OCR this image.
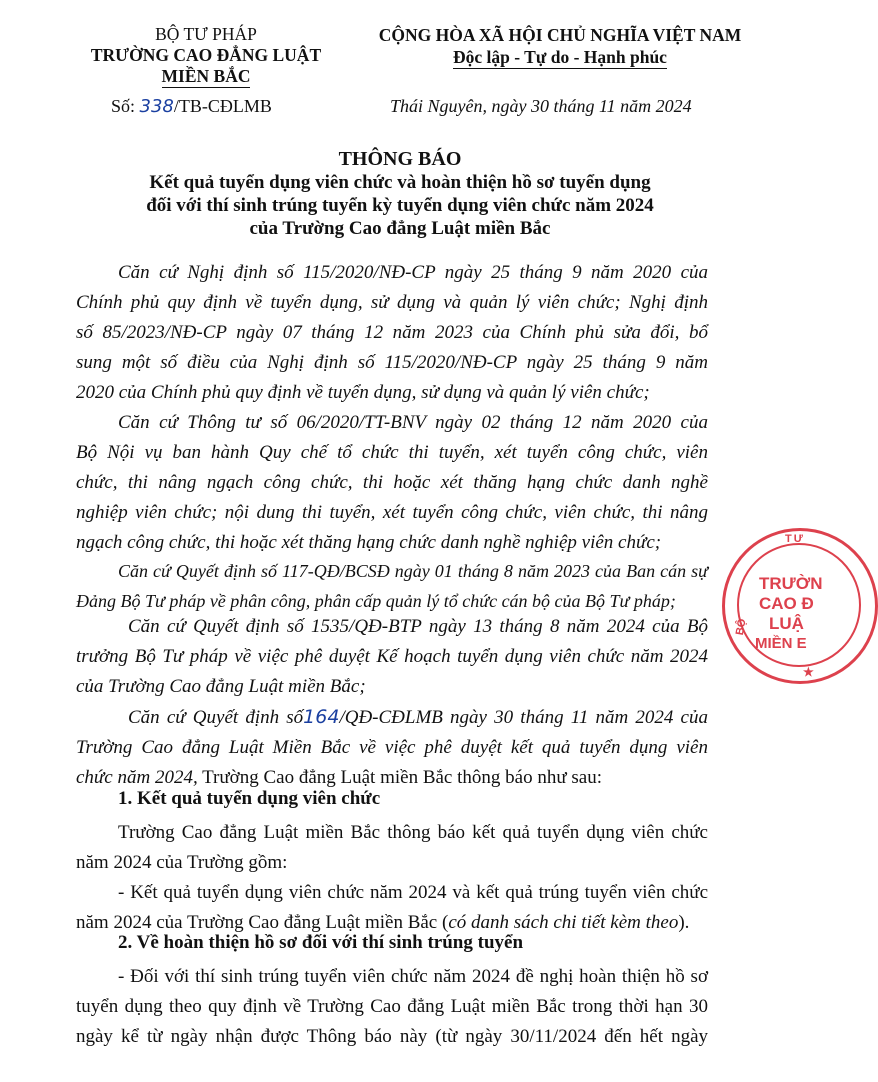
BỘ TƯ PHÁP
TRƯỜNG CAO ĐẲNG LUẬT
MIỀN BẮC
Số: 338/TB-CĐLMB
CỘNG HÒA XÃ HỘI CHỦ NGHĨA VIỆT NAM
Độc lập - Tự do - Hạnh phúc
Thái Nguyên, ngày 30 tháng 11 năm 2024
THÔNG BÁO
Kết quả tuyển dụng viên chức và hoàn thiện hồ sơ tuyển dụng
đối với thí sinh trúng tuyển kỳ tuyển dụng viên chức năm 2024
của Trường Cao đẳng Luật miền Bắc
Căn cứ Nghị định số 115/2020/NĐ-CP ngày 25 tháng 9 năm 2020 của
Chính phủ quy định về tuyển dụng, sử dụng và quản lý viên chức; Nghị định
số 85/2023/NĐ-CP ngày 07 tháng 12 năm 2023 của Chính phủ sửa đổi, bổ
sung một số điều của Nghị định số 115/2020/NĐ-CP ngày 25 tháng 9 năm
2020 của Chính phủ quy định về tuyển dụng, sử dụng và quản lý viên chức;
Căn cứ Thông tư số 06/2020/TT-BNV ngày 02 tháng 12 năm 2020 của
Bộ Nội vụ ban hành Quy chế tổ chức thi tuyển, xét tuyển công chức, viên
chức, thi nâng ngạch công chức, thi hoặc xét thăng hạng chức danh nghề
nghiệp viên chức; nội dung thi tuyển, xét tuyển công chức, viên chức, thi nâng
ngạch công chức, thi hoặc xét thăng hạng chức danh nghề nghiệp viên chức;
Căn cứ Quyết định số 117-QĐ/BCSĐ ngày 01 tháng 8 năm 2023 của Ban cán sự
Đảng Bộ Tư pháp về phân công, phân cấp quản lý tổ chức cán bộ của Bộ Tư pháp;
Căn cứ Quyết định số 1535/QĐ-BTP ngày 13 tháng 8 năm 2024 của Bộ
trưởng Bộ Tư pháp về việc phê duyệt Kế hoạch tuyển dụng viên chức năm 2024
của Trường Cao đẳng Luật miền Bắc;
Căn cứ Quyết định số164/QĐ-CĐLMB ngày 30 tháng 11 năm 2024 của
Trường Cao đẳng Luật Miền Bắc về việc phê duyệt kết quả tuyển dụng viên
chức năm 2024, Trường Cao đẳng Luật miền Bắc thông báo như sau:
1. Kết quả tuyển dụng viên chức
Trường Cao đẳng Luật miền Bắc thông báo kết quả tuyển dụng viên chức
năm 2024 của Trường gồm:
- Kết quả tuyển dụng viên chức năm 2024 và kết quả trúng tuyển viên chức
năm 2024 của Trường Cao đẳng Luật miền Bắc (có danh sách chi tiết kèm theo).
2. Về hoàn thiện hồ sơ đối với thí sinh trúng tuyển
- Đối với thí sinh trúng tuyển viên chức năm 2024 đề nghị hoàn thiện hồ sơ
tuyển dụng theo quy định về Trường Cao đẳng Luật miền Bắc trong thời hạn 30
ngày kể từ ngày nhận được Thông báo này (từ ngày 30/11/2024 đến hết ngày
TƯ
TRƯỜN
CAO Đ
LUẬ
MIỀN E
BỘ
★
